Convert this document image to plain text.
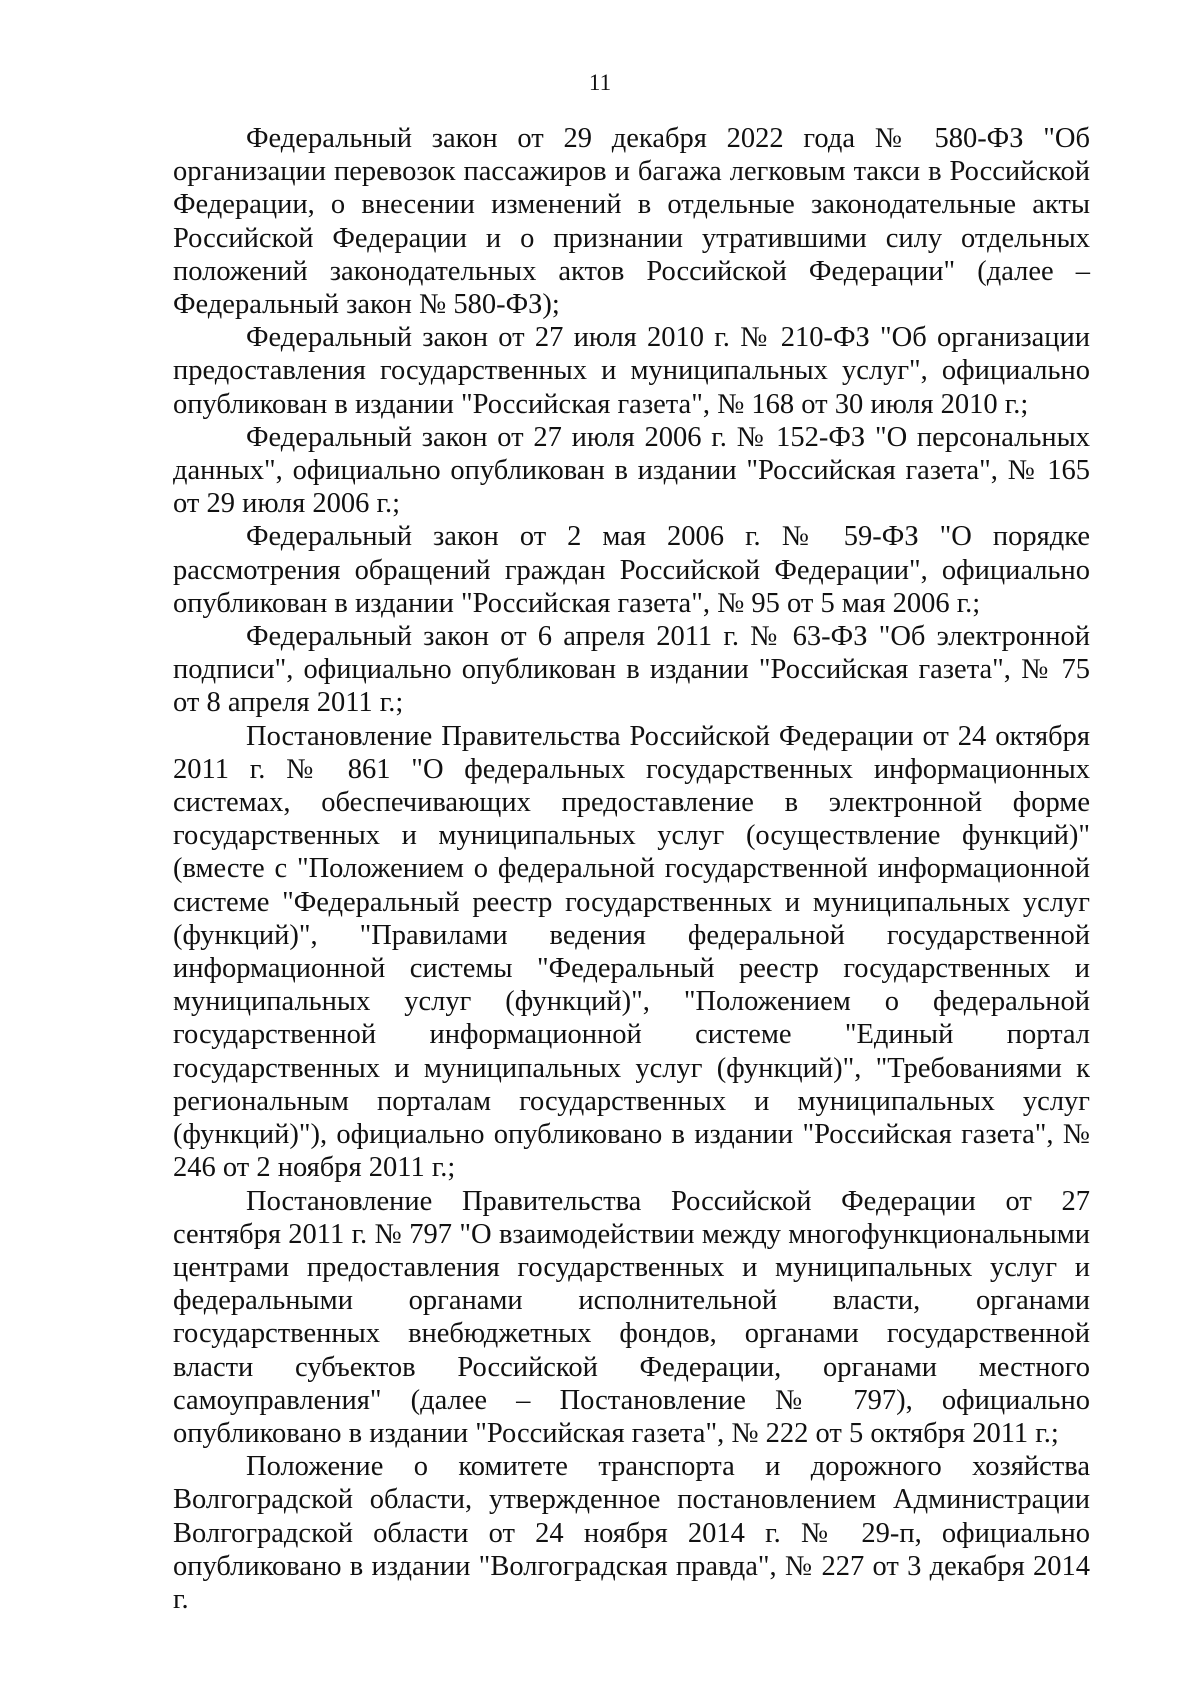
11

Федеральный закон от 29 декабря 2022 года № 580-ФЗ "Об организации перевозок пассажиров и багажа легковым такси в Российской Федерации, о внесении изменений в отдельные законодательные акты Российской Федерации и о признании утратившими силу отдельных положений законодательных актов Российской Федерации" (далее – Федеральный закон № 580-ФЗ);

Федеральный закон от 27 июля 2010 г. № 210-ФЗ "Об организации предоставления государственных и муниципальных услуг", официально опубликован в издании "Российская газета", № 168 от 30 июля 2010 г.;

Федеральный закон от 27 июля 2006 г. № 152-ФЗ "О персональных данных", официально опубликован в издании "Российская газета", № 165 от 29 июля 2006 г.;

Федеральный закон от 2 мая 2006 г. № 59-ФЗ "О порядке рассмотрения обращений граждан Российской Федерации", официально опубликован в издании "Российская газета", № 95 от 5 мая 2006 г.;

Федеральный закон от 6 апреля 2011 г. № 63-ФЗ "Об электронной подписи", официально опубликован в издании "Российская газета", № 75 от 8 апреля 2011 г.;

Постановление Правительства Российской Федерации от 24 октября 2011 г. № 861 "О федеральных государственных информационных системах, обеспечивающих предоставление в электронной форме государственных и муниципальных услуг (осуществление функций)" (вместе с "Положением о федеральной государственной информационной системе "Федеральный реестр государственных и муниципальных услуг (функций)", "Правилами ведения федеральной государственной информационной системы "Федеральный реестр государственных и муниципальных услуг (функций)", "Положением о федеральной государственной информационной системе "Единый портал государственных и муниципальных услуг (функций)", "Требованиями к региональным порталам государственных и муниципальных услуг (функций)"), официально опубликовано в издании "Российская газета", № 246 от 2 ноября 2011 г.;

Постановление Правительства Российской Федерации от 27 сентября 2011 г. № 797 "О взаимодействии между многофункциональными центрами предоставления государственных и муниципальных услуг и федеральными органами исполнительной власти, органами государственных внебюджетных фондов, органами государственной власти субъектов Российской Федерации, органами местного самоуправления" (далее – Постановление № 797), официально опубликовано в издании "Российская газета", № 222 от 5 октября 2011 г.;

Положение о комитете транспорта и дорожного хозяйства Волгоградской области, утвержденное постановлением Администрации Волгоградской области от 24 ноября 2014 г. № 29-п, официально опубликовано в издании "Волгоградская правда", № 227 от 3 декабря 2014 г.
